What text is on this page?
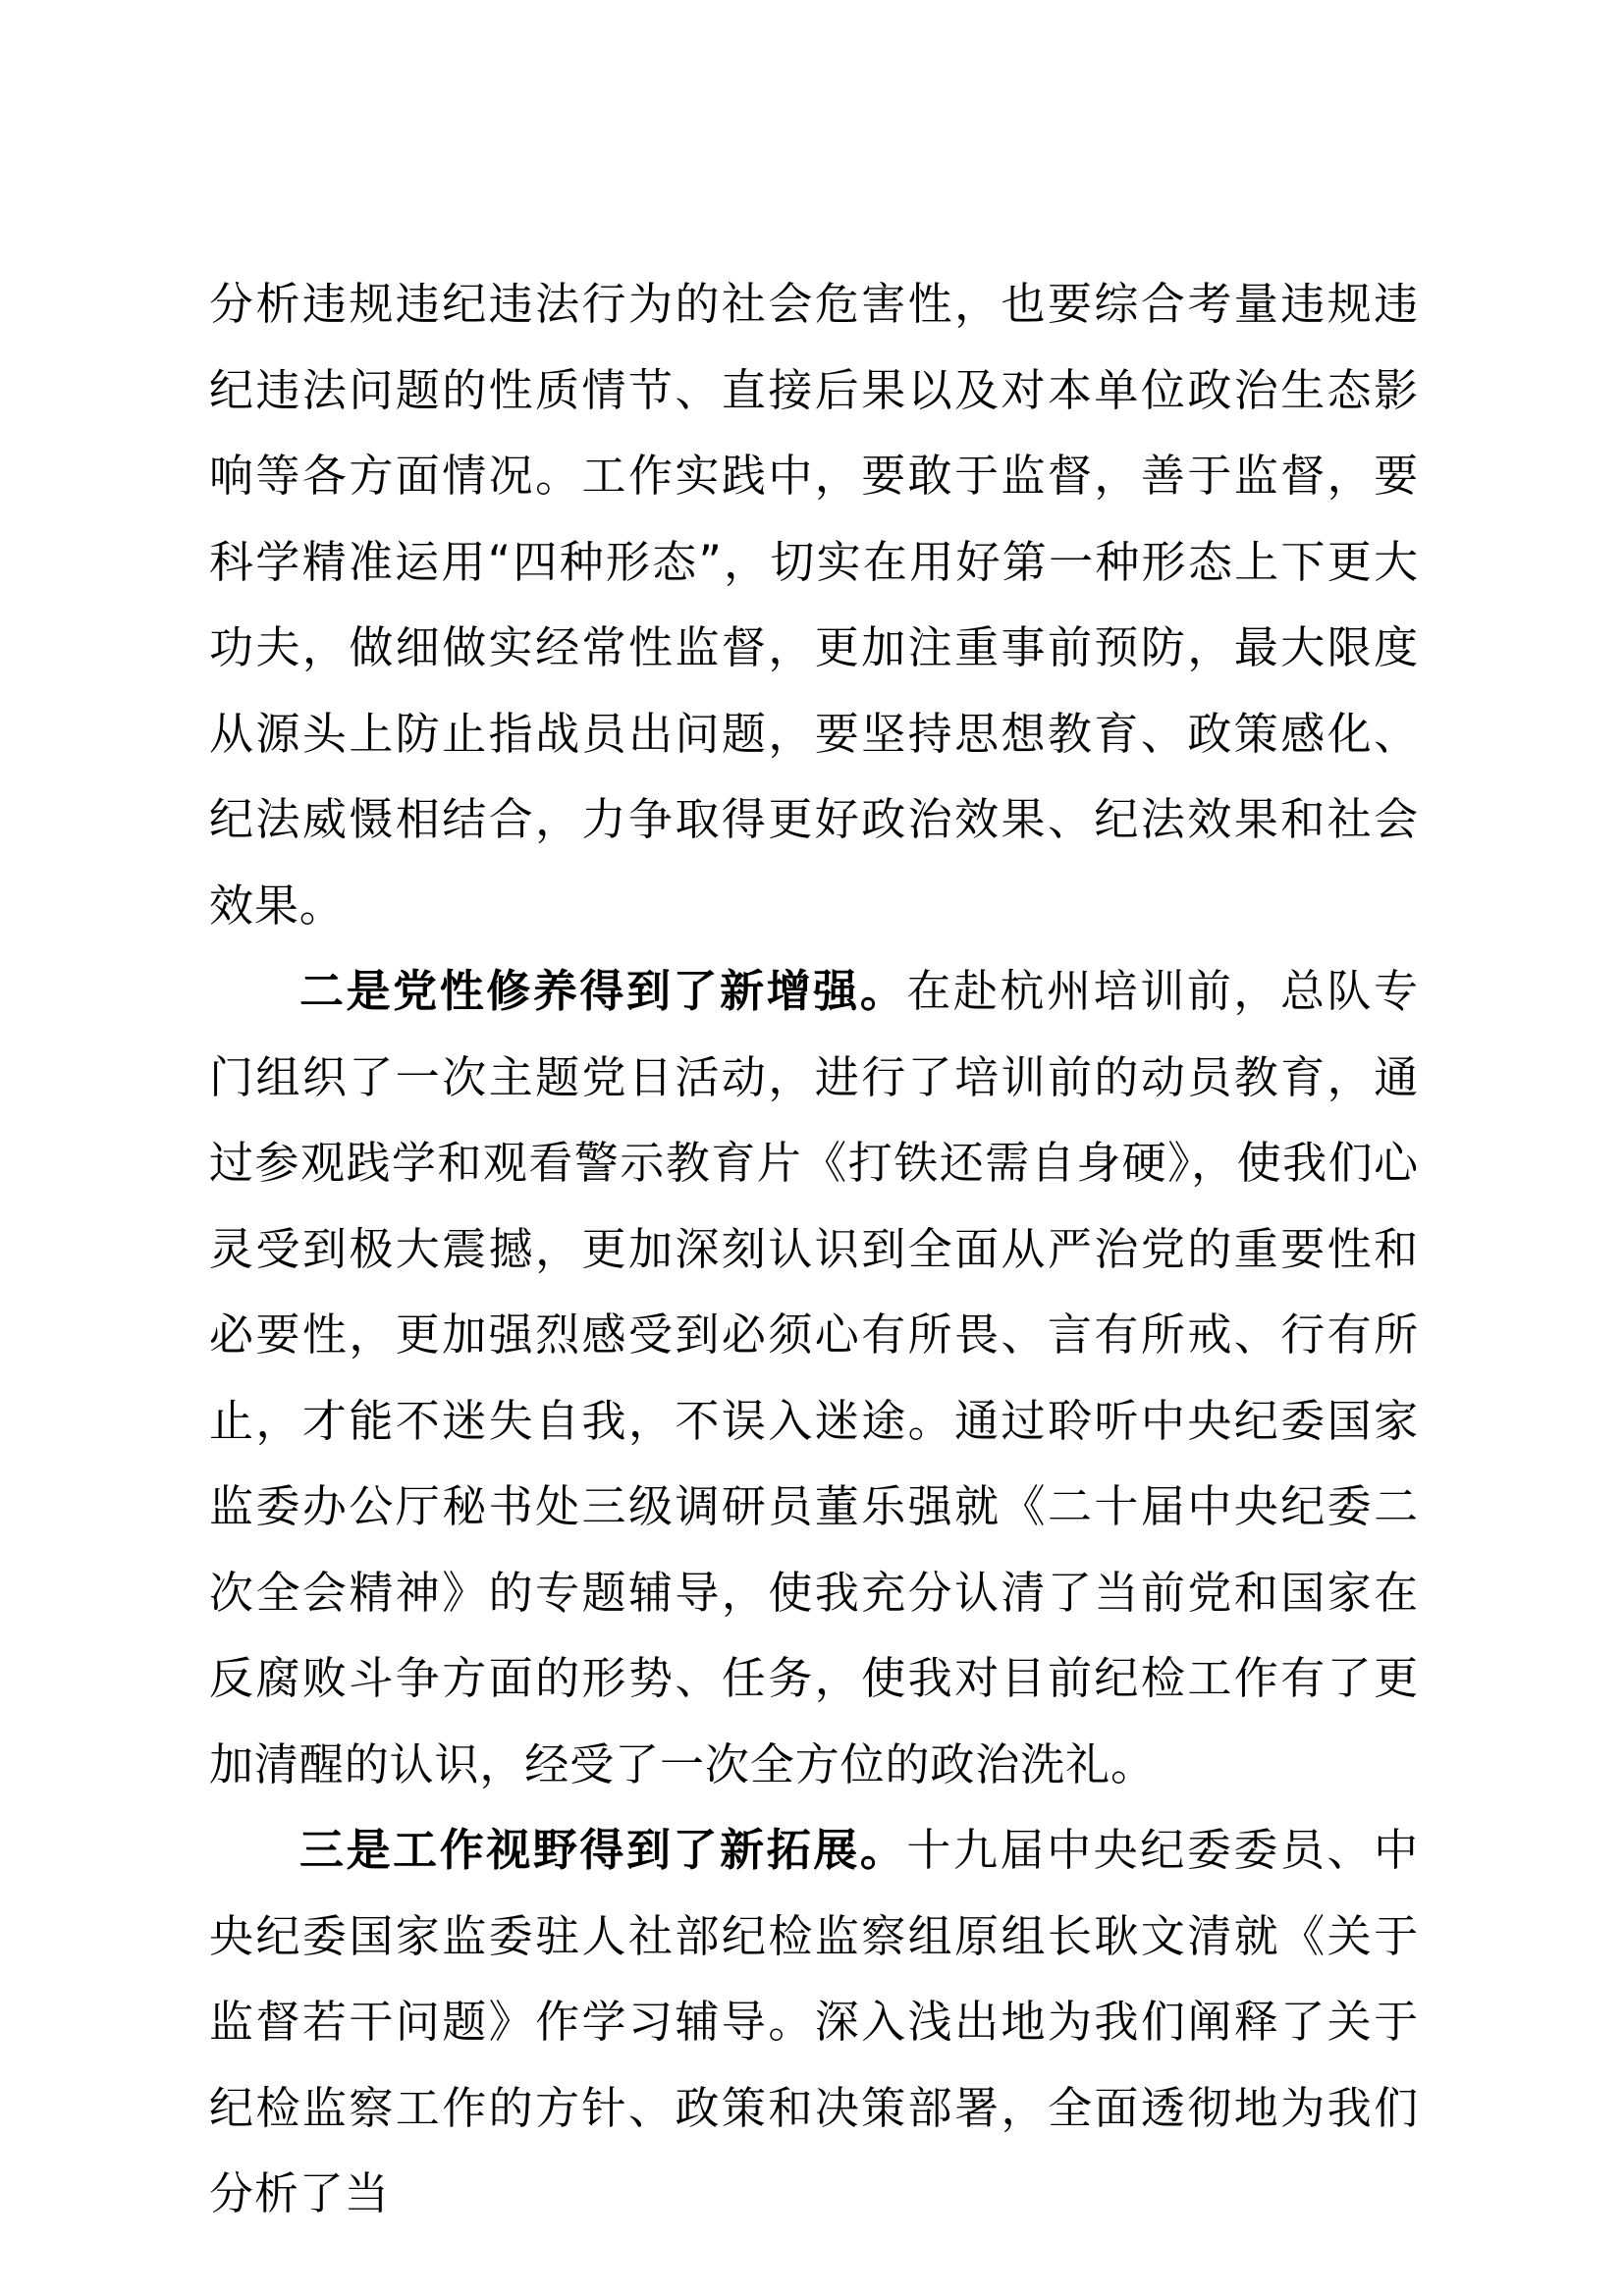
分析违规违纪违法行为的社会危害性，也要综合考量违规违纪违法问题的性质情节、直接后果以及对本单位政治生态影响等各方面情况。工作实践中，要敢于监督，善于监督，要科学精准运用“四种形态”，切实在用好第一种形态上下更大功夫，做细做实经常性监督，更加注重事前预防，最大限度从源头上防止指战员出问题，要坚持思想教育、政策感化、纪法威慑相结合，力争取得更好政治效果、纪法效果和社会效果。

二是党性修养得到了新增强。在赴杭州培训前，总队专门组织了一次主题党日活动，进行了培训前的动员教育，通过参观践学和观看警示教育片《打铁还需自身硬》，使我们心灵受到极大震撼，更加深刻认识到全面从严治党的重要性和必要性，更加强烈感受到必须心有所畏、言有所戒、行有所止，才能不迷失自我，不误入迷途。通过聆听中央纪委国家监委办公厅秘书处三级调研员董乐强就《二十届中央纪委二次全会精神》的专题辅导，使我充分认清了当前党和国家在反腐败斗争方面的形势、任务，使我对目前纪检工作有了更加清醒的认识，经受了一次全方位的政治洗礼。

三是工作视野得到了新拓展。十九届中央纪委委员、中央纪委国家监委驻人社部纪检监察组原组长耿文清就《关于监督若干问题》作学习辅导。深入浅出地为我们阐释了关于纪检监察工作的方针、政策和决策部署，全面透彻地为我们分析了当
